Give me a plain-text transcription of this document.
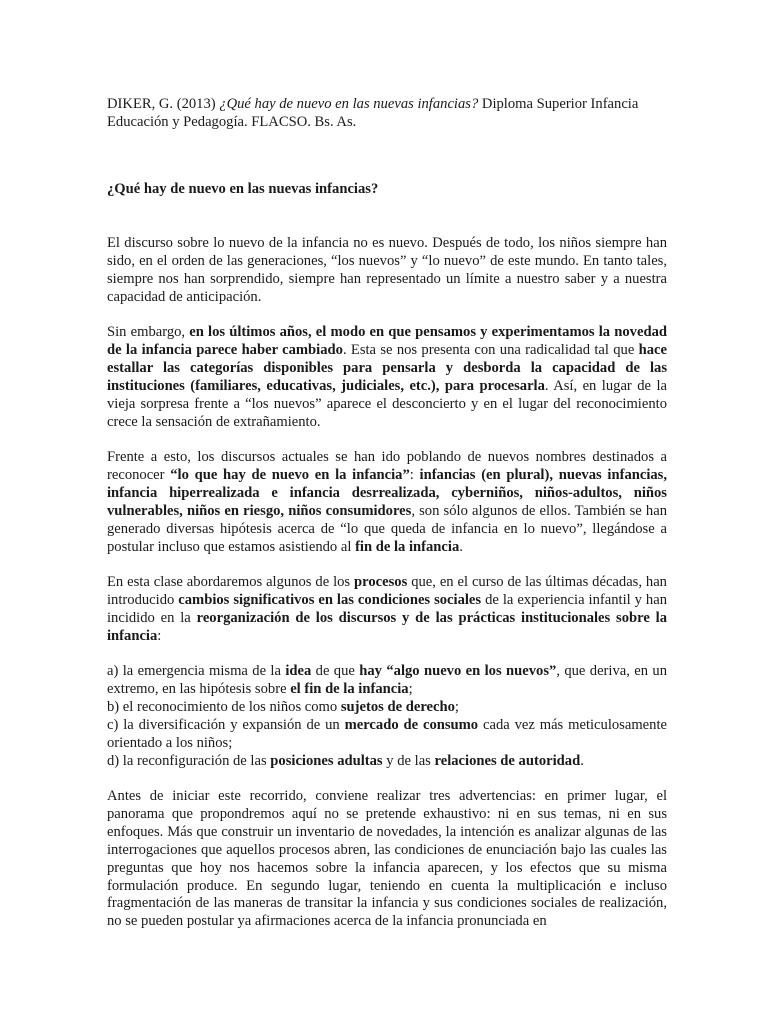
DIKER, G. (2013) ¿Qué hay de nuevo en las nuevas infancias? Diploma Superior Infancia Educación y Pedagogía. FLACSO. Bs. As.

¿Qué hay de nuevo en las nuevas infancias?

El discurso sobre lo nuevo de la infancia no es nuevo. Después de todo, los niños siempre han sido, en el orden de las generaciones, “los nuevos” y “lo nuevo” de este mundo. En tanto tales, siempre nos han sorprendido, siempre han representado un límite a nuestro saber y a nuestra capacidad de anticipación.

Sin embargo, en los últimos años, el modo en que pensamos y experimentamos la novedad de la infancia parece haber cambiado. Esta se nos presenta con una radicalidad tal que hace estallar las categorías disponibles para pensarla y desborda la capacidad de las instituciones (familiares, educativas, judiciales, etc.), para procesarla. Así, en lugar de la vieja sorpresa frente a “los nuevos” aparece el desconcierto y en el lugar del reconocimiento crece la sensación de extrañamiento.

Frente a esto, los discursos actuales se han ido poblando de nuevos nombres destinados a reconocer “lo que hay de nuevo en la infancia”: infancias (en plural), nuevas infancias, infancia hiperrealizada e infancia desrrealizada, cyberniños, niños-adultos, niños vulnerables, niños en riesgo, niños consumidores, son sólo algunos de ellos. También se han generado diversas hipótesis acerca de “lo que queda de infancia en lo nuevo”, llegándose a postular incluso que estamos asistiendo al fin de la infancia.

En esta clase abordaremos algunos de los procesos que, en el curso de las últimas décadas, han introducido cambios significativos en las condiciones sociales de la experiencia infantil y han incidido en la reorganización de los discursos y de las prácticas institucionales sobre la infancia:

a) la emergencia misma de la idea de que hay “algo nuevo en los nuevos”, que deriva, en un extremo, en las hipótesis sobre el fin de la infancia;
b) el reconocimiento de los niños como sujetos de derecho;
c) la diversificación y expansión de un mercado de consumo cada vez más meticulosamente orientado a los niños;
d) la reconfiguración de las posiciones adultas y de las relaciones de autoridad.

Antes de iniciar este recorrido, conviene realizar tres advertencias: en primer lugar, el panorama que propondremos aquí no se pretende exhaustivo: ni en sus temas, ni en sus enfoques. Más que construir un inventario de novedades, la intención es analizar algunas de las interrogaciones que aquellos procesos abren, las condiciones de enunciación bajo las cuales las preguntas que hoy nos hacemos sobre la infancia aparecen, y los efectos que su misma formulación produce. En segundo lugar, teniendo en cuenta la multiplicación e incluso fragmentación de las maneras de transitar la infancia y sus condiciones sociales de realización, no se pueden postular ya afirmaciones acerca de la infancia pronunciada en
